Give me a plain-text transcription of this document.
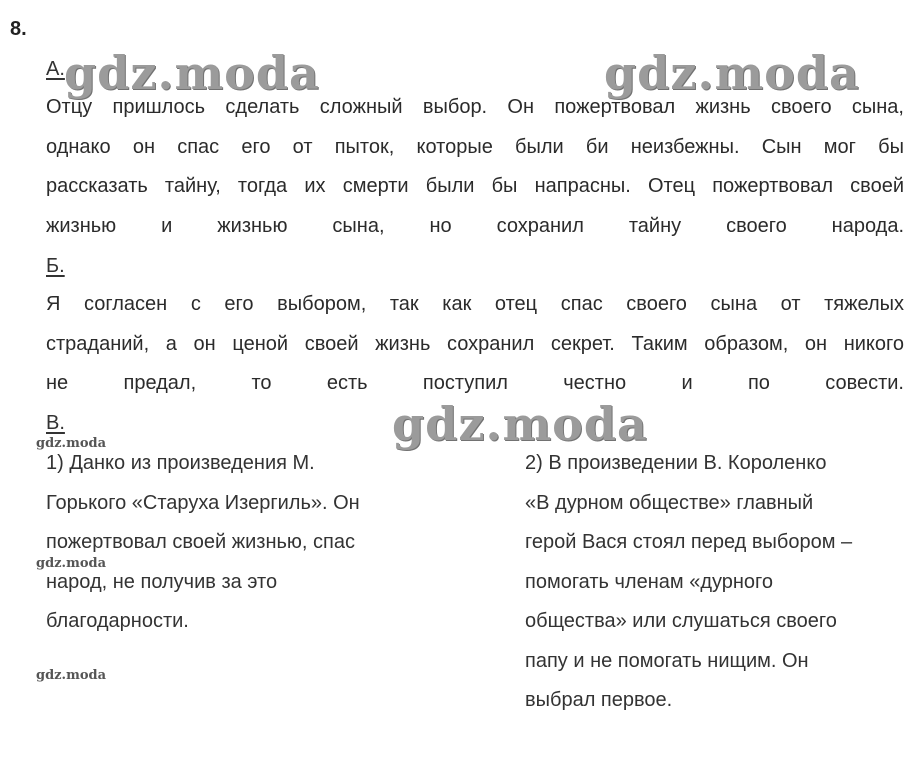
8.
А.
Отцу пришлось сделать сложный выбор. Он пожертвовал жизнь своего сына,
однако он спас его от пыток, которые были би неизбежны. Сын мог бы
рассказать тайну, тогда их смерти были бы напрасны. Отец пожертвовал своей
жизнью и жизнью сына, но сохранил тайну своего народа.
Б.
Я согласен с его выбором, так как отец спас своего сына от тяжелых
страданий, а он ценой своей жизнь сохранил секрет. Таким образом, он никого
не предал, то есть поступил честно и по совести.
В.
1) Данко из произведения М.
Горького «Старуха Изергиль». Он
пожертвовал своей жизнью, спас
народ, не получив за это
благодарности.
2) В произведении В. Короленко
«В дурном обществе» главный
герой Вася стоял перед выбором –
помогать членам «дурного
общества» или слушаться своего
папу и не помогать нищим. Он
выбрал первое.
gdz.moda	gdz.moda
gdz.moda
gdz.moda
gdz.moda
gdz.moda
